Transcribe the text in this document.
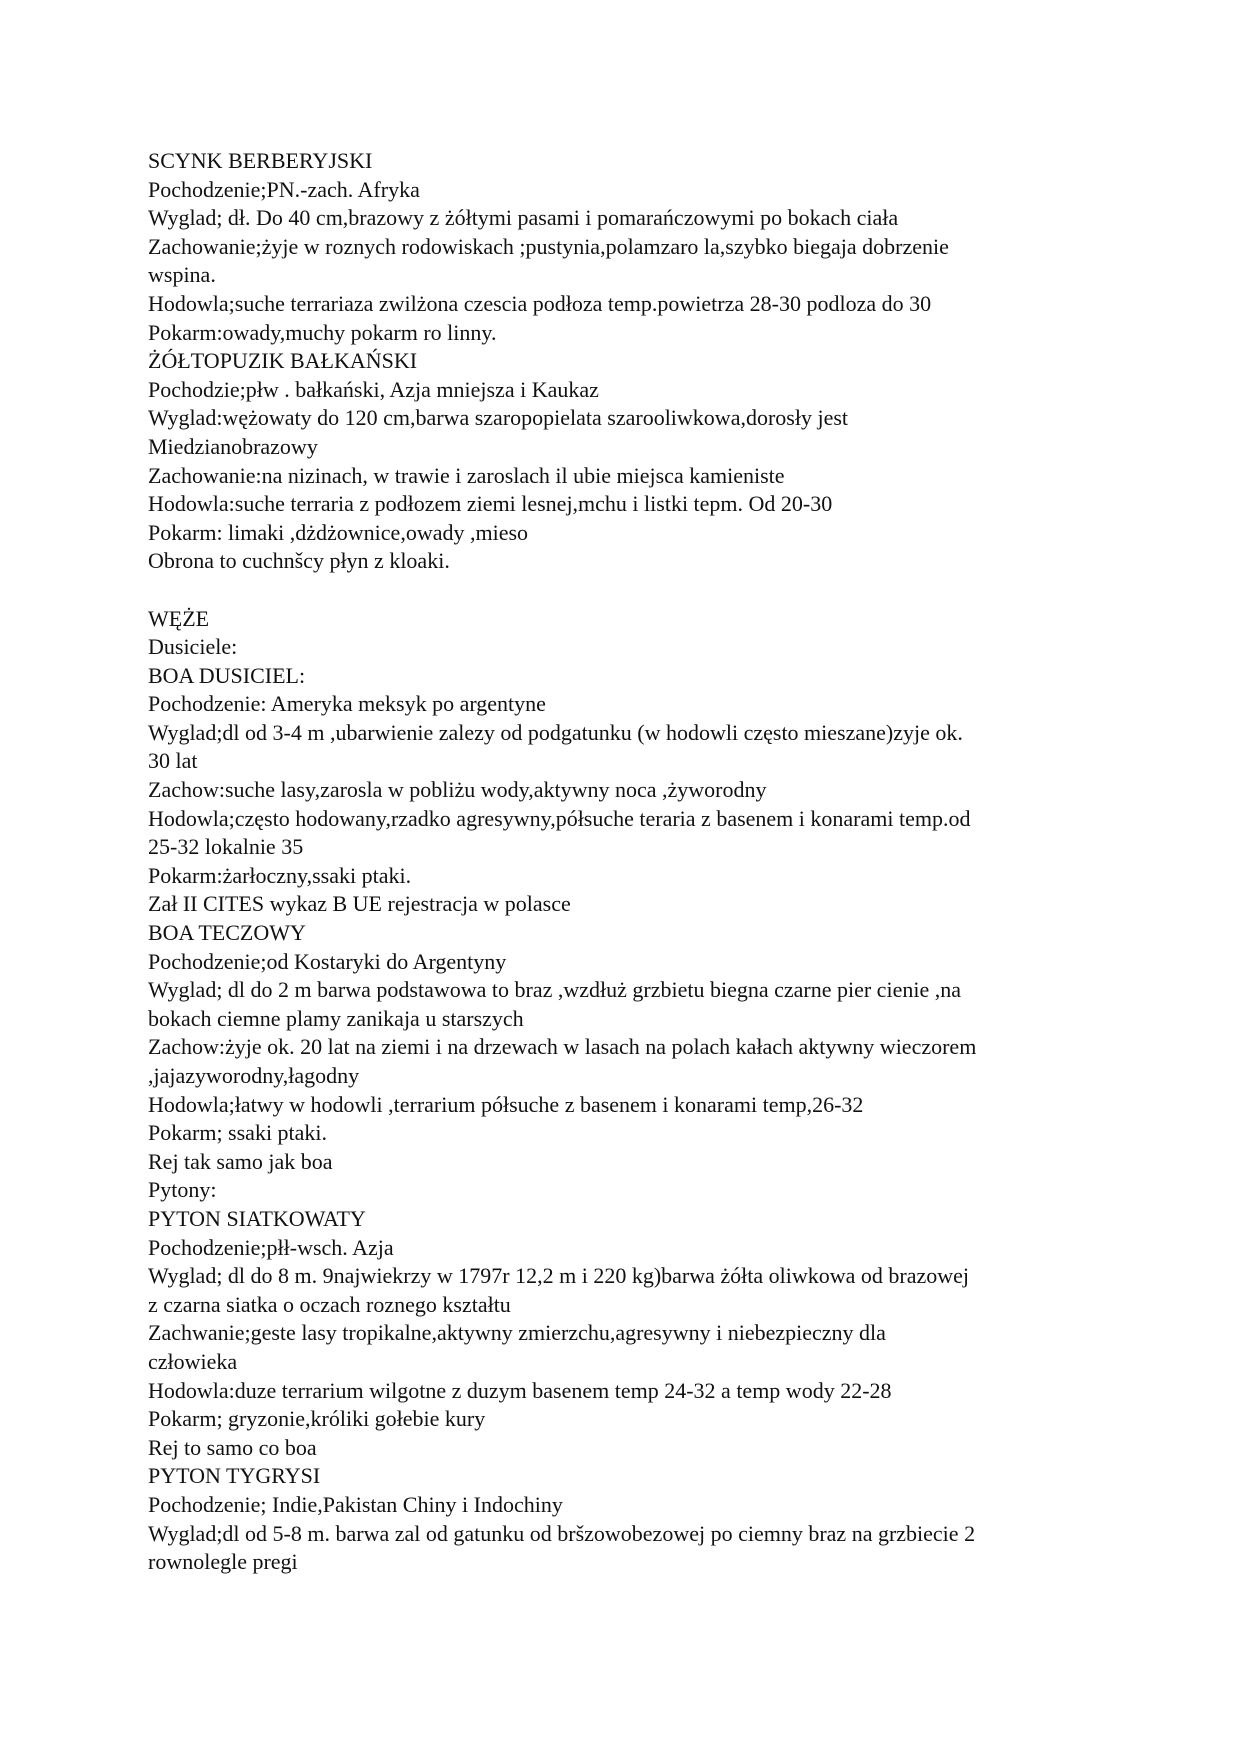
SCYNK BERBERYJSKI
Pochodzenie;PN.-zach. Afryka
Wyglad; dł. Do 40 cm,brazowy z żółtymi pasami i pomarańczowymi po bokach ciała
Zachowanie;żyje w roznych rodowiskach ;pustynia,polamzaro la,szybko biegaja dobrzenie
wspina.
Hodowla;suche terrariaza zwilżona czescia podłoza temp.powietrza 28-30 podloza do 30
Pokarm:owady,muchy pokarm ro linny.
ŻÓŁTOPUZIK BAŁKAŃSKI
Pochodzie;płw . bałkański, Azja mniejsza i Kaukaz
Wyglad:wężowaty do 120 cm,barwa szaropopielata szarooliwkowa,dorosły jest
Miedzianobrazowy
Zachowanie:na nizinach, w trawie i zaroslach il ubie miejsca kamieniste
Hodowla:suche terraria z podłozem ziemi lesnej,mchu i listki tepm. Od 20-30
Pokarm: limaki ,dżdżownice,owady ,mieso
Obrona to cuchnšcy płyn z kloaki.
WĘŻE
Dusiciele:
BOA DUSICIEL:
Pochodzenie: Ameryka meksyk po argentyne
Wyglad;dl od 3-4 m ,ubarwienie zalezy od podgatunku (w hodowli często mieszane)zyje ok.
30 lat
Zachow:suche lasy,zarosla w pobliżu wody,aktywny noca ,żyworodny
Hodowla;często hodowany,rzadko agresywny,półsuche teraria z basenem i konarami temp.od
25-32 lokalnie 35
Pokarm:żarłoczny,ssaki ptaki.
Zał II CITES wykaz B UE rejestracja w polasce
BOA TECZOWY
Pochodzenie;od Kostaryki do Argentyny
Wyglad; dl do 2 m barwa podstawowa to braz ,wzdłuż grzbietu biegna czarne pier cienie ,na
bokach ciemne plamy zanikaja u starszych
Zachow:żyje ok. 20 lat na ziemi i na drzewach w lasach na polach kałach aktywny wieczorem
,jajazyworodny,łagodny
Hodowla;łatwy w hodowli ,terrarium półsuche z basenem i konarami temp,26-32
Pokarm; ssaki ptaki.
Rej tak samo jak boa
Pytony:
PYTON SIATKOWATY
Pochodzenie;płł-wsch. Azja
Wyglad; dl do 8 m. 9najwiekrzy w 1797r 12,2 m i 220 kg)barwa żółta oliwkowa od brazowej
z czarna siatka o oczach roznego kształtu
Zachwanie;geste lasy tropikalne,aktywny zmierzchu,agresywny i niebezpieczny dla
człowieka
Hodowla:duze terrarium wilgotne z duzym basenem temp 24-32 a temp wody 22-28
Pokarm; gryzonie,króliki gołebie kury
Rej to samo co boa
PYTON TYGRYSI
Pochodzenie; Indie,Pakistan Chiny i Indochiny
Wyglad;dl od 5-8 m. barwa zal od gatunku od bršzowobezowej po ciemny braz na grzbiecie 2
rownolegle pregi
